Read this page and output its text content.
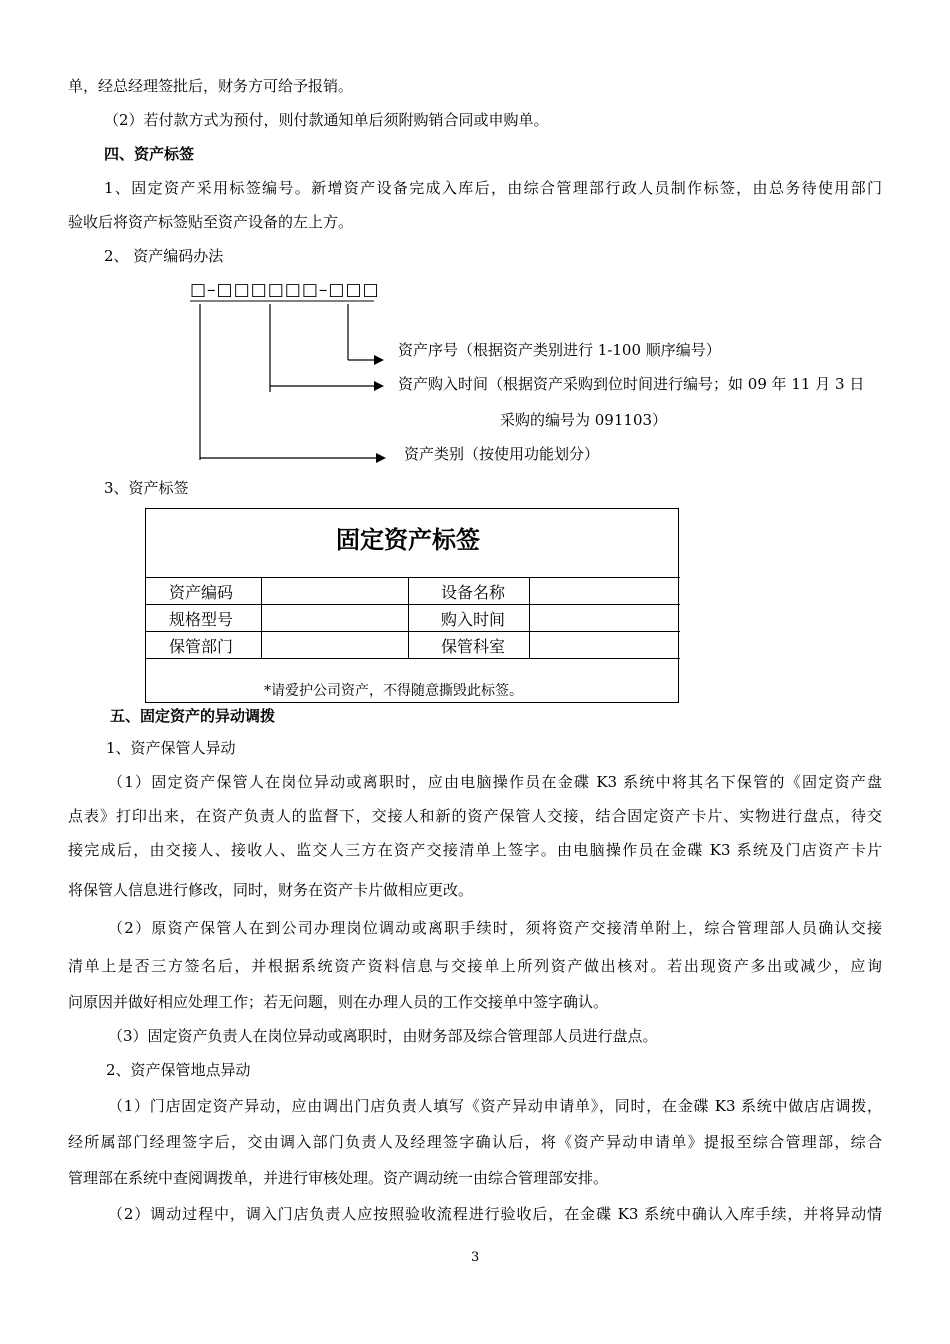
单，经总经理签批后，财务方可给予报销。
（2）若付款方式为预付，则付款通知单后须附购销合同或申购单。
四、资产标签
1、固定资产采用标签编号。新增资产设备完成入库后，由综合管理部行政人员制作标签，由总务待使用部门
验收后将资产标签贴至资产设备的左上方。
2、 资产编码办法
□–□□□□□□–□□□
资产序号（根据资产类别进行 1-100 顺序编号）
资产购入时间（根据资产采购到位时间进行编号；如 09 年 11 月 3 日
采购的编号为 091103）
资产类别（按使用功能划分）
3、资产标签
固定资产标签
资产编码		设备名称	
规格型号		购入时间	
保管部门		保管科室	
*请爱护公司资产，不得随意撕毁此标签。
五、固定资产的异动调拨
1、资产保管人异动
（1）固定资产保管人在岗位异动或离职时，应由电脑操作员在金碟 K3 系统中将其名下保管的《固定资产盘
点表》打印出来，在资产负责人的监督下，交接人和新的资产保管人交接，结合固定资产卡片、实物进行盘点，待交
接完成后，由交接人、接收人、监交人三方在资产交接清单上签字。由电脑操作员在金碟 K3 系统及门店资产卡片
将保管人信息进行修改，同时，财务在资产卡片做相应更改。
（2）原资产保管人在到公司办理岗位调动或离职手续时，须将资产交接清单附上，综合管理部人员确认交接
清单上是否三方签名后，并根据系统资产资料信息与交接单上所列资产做出核对。若出现资产多出或减少，应询
问原因并做好相应处理工作；若无问题，则在办理人员的工作交接单中签字确认。
（3）固定资产负责人在岗位异动或离职时，由财务部及综合管理部人员进行盘点。
2、资产保管地点异动
（1）门店固定资产异动，应由调出门店负责人填写《资产异动申请单》，同时，在金碟 K3 系统中做店店调拨，
经所属部门经理签字后，交由调入部门负责人及经理签字确认后，将《资产异动申请单》提报至综合管理部，综合
管理部在系统中查阅调拨单，并进行审核处理。资产调动统一由综合管理部安排。
（2）调动过程中，调入门店负责人应按照验收流程进行验收后，在金碟 K3 系统中确认入库手续，并将异动情
3
